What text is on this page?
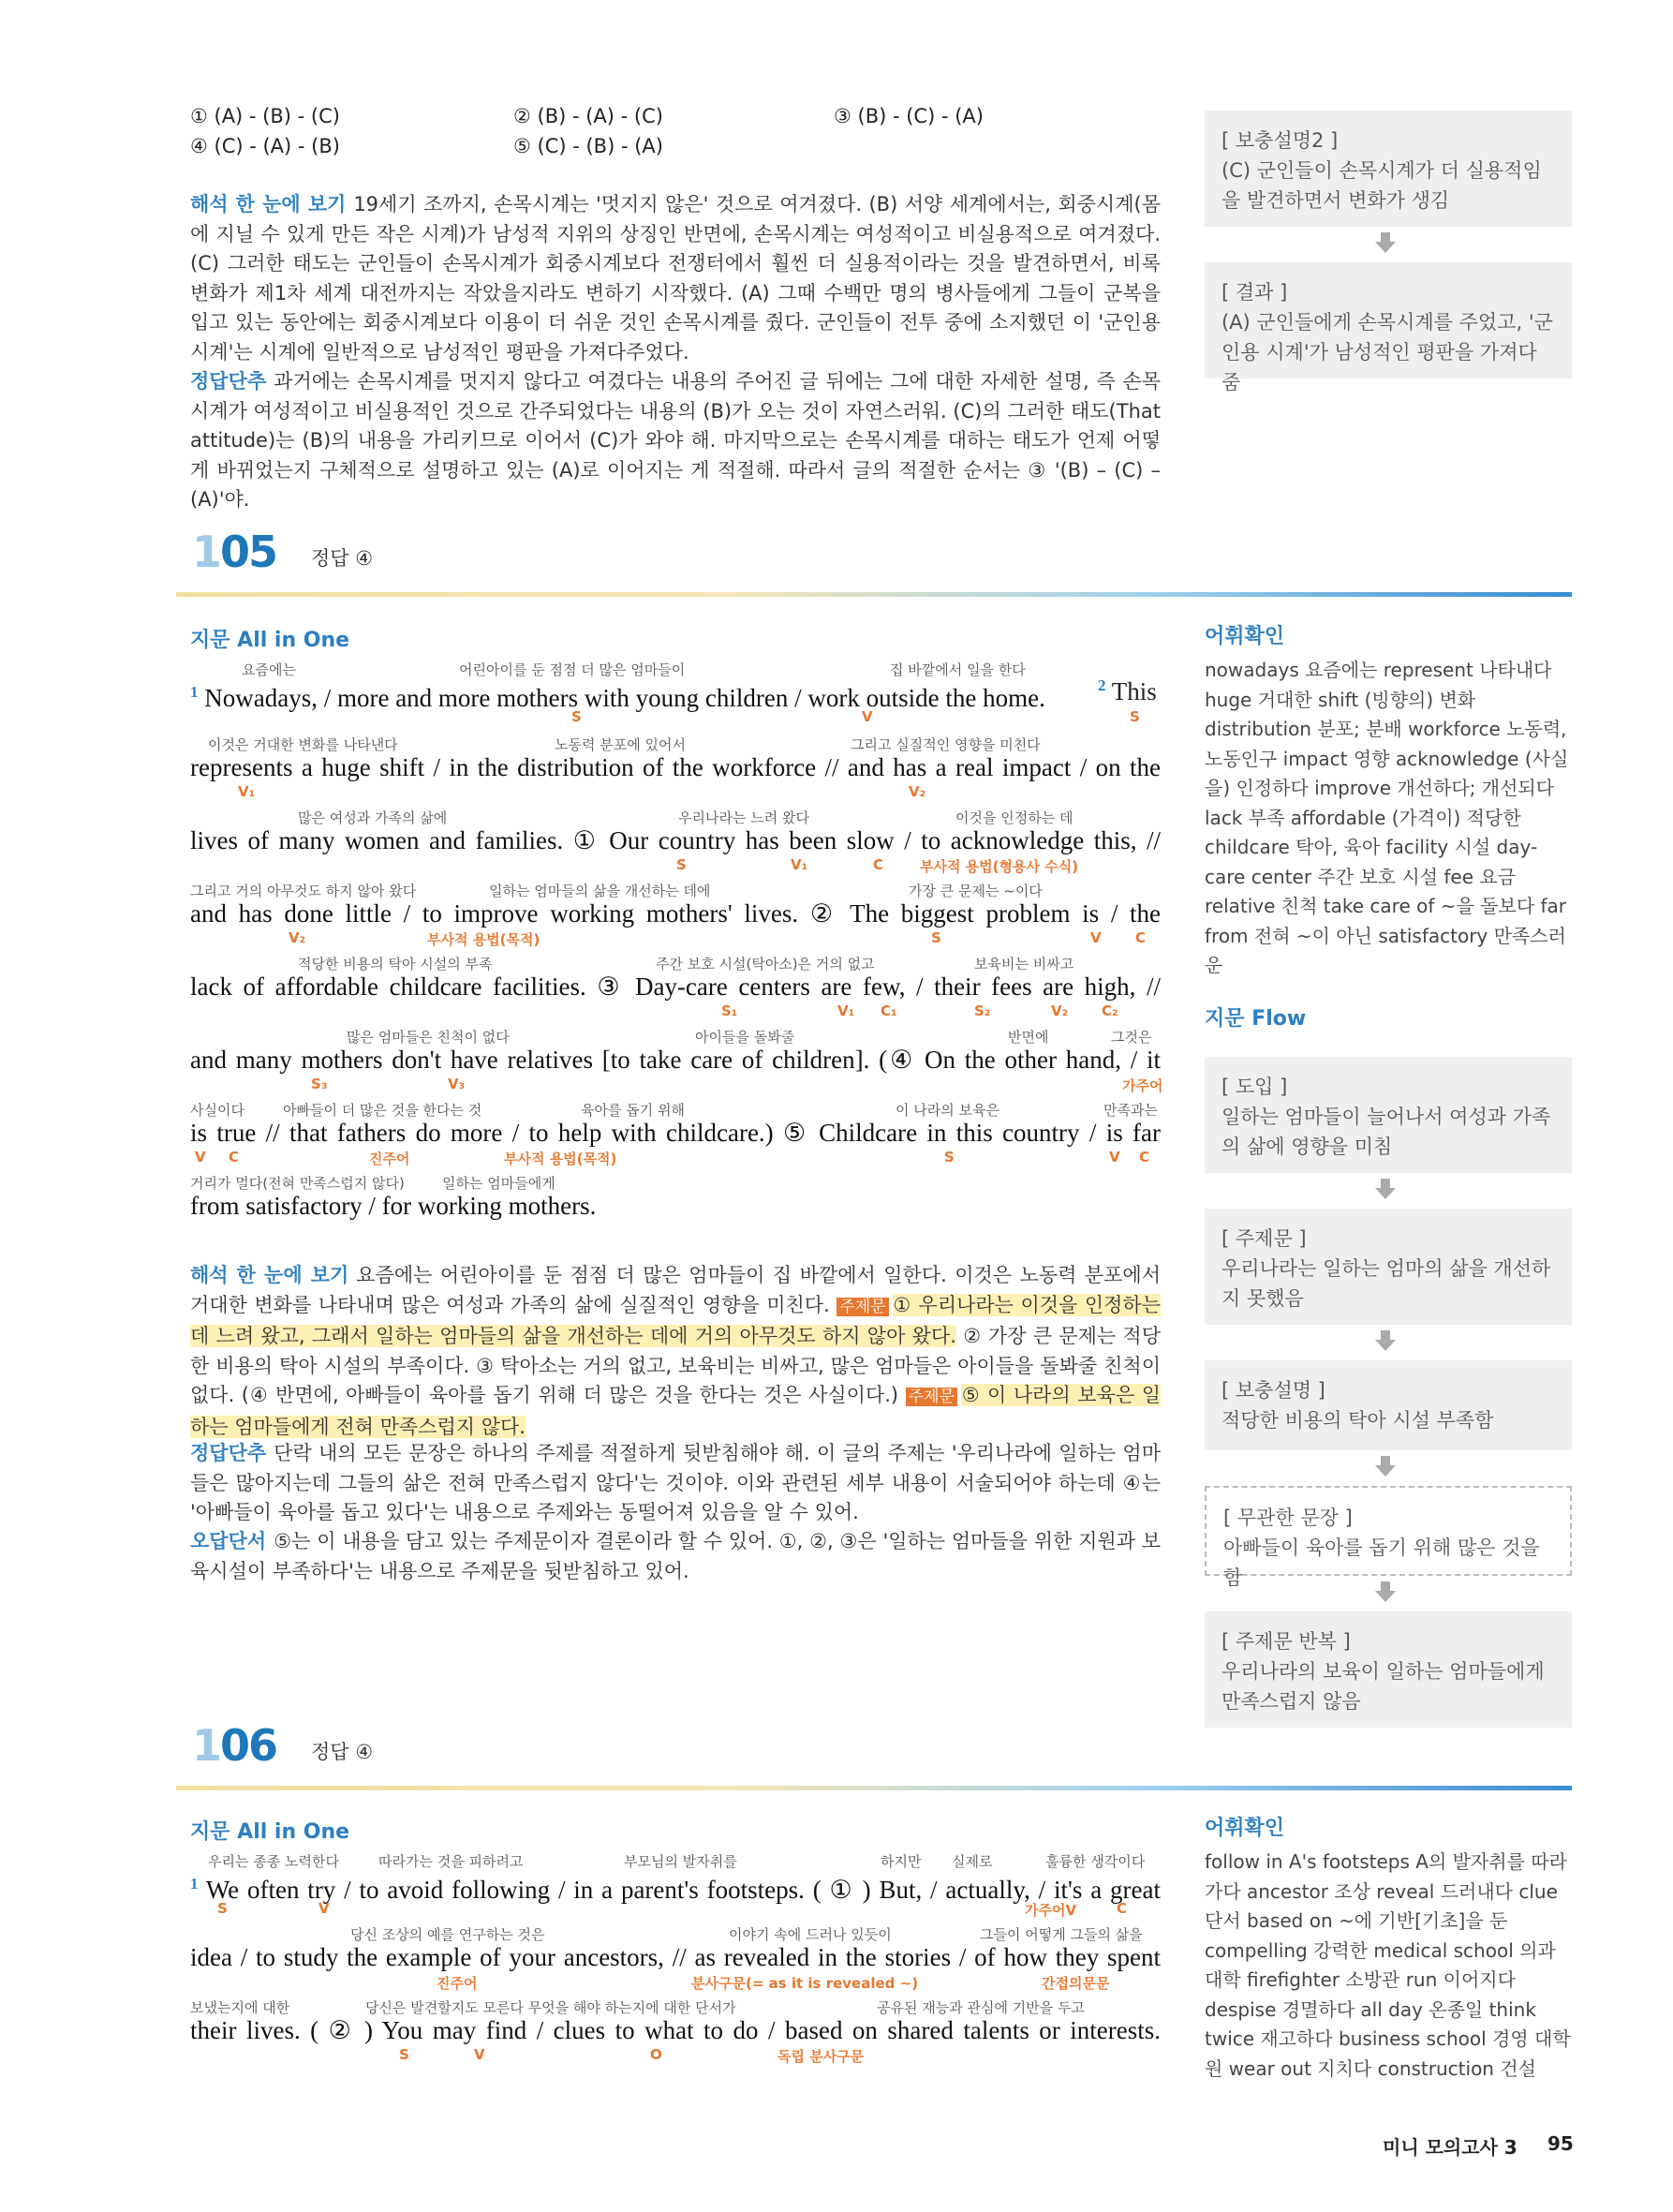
① (A) - (B) - (C)	② (B) - (A) - (C)	③ (B) - (C) - (A)
④ (C) - (A) - (B)	⑤ (C) - (B) - (A)
해석 한 눈에 보기 19세기 조까지, 손목시계는 '멋지지 않은' 것으로 여겨졌다. (B) 서양 세계에서는, 회중시계(몸에 지닐 수 있게 만든 작은 시계)가 남성적 지위의 상징인 반면에, 손목시계는 여성적이고 비실용적으로 여겨졌다. (C) 그러한 태도는 군인들이 손목시계가 회중시계보다 전쟁터에서 훨씬 더 실용적이라는 것을 발견하면서, 비록 변화가 제1차 세계 대전까지는 작았을지라도 변하기 시작했다. (A) 그때 수백만 명의 병사들에게 그들이 군복을 입고 있는 동안에는 회중시계보다 이용이 더 쉬운 것인 손목시계를 줬다. 군인들이 전투 중에 소지했던 이 '군인용 시계'는 시계에 일반적으로 남성적인 평판을 가져다주었다.
정답단추 과거에는 손목시계를 멋지지 않다고 여겼다는 내용의 주어진 글 뒤에는 그에 대한 자세한 설명, 즉 손목시계가 여성적이고 비실용적인 것으로 간주되었다는 내용의 (B)가 오는 것이 자연스러워. (C)의 그러한 태도(That attitude)는 (B)의 내용을 가리키므로 이어서 (C)가 와야 해. 마지막으로는 손목시계를 대하는 태도가 언제 어떻게 바뀌었는지 구체적으로 설명하고 있는 (A)로 이어지는 게 적절해. 따라서 글의 적절한 순서는 ③ '(B) – (C) – (A)'야.
[ 보충설명2 ]
(C) 군인들이 손목시계가 더 실용적임을 발견하면서 변화가 생김
[ 결과 ]
(A) 군인들에게 손목시계를 주었고, '군인용 시계'가 남성적인 평판을 가져다 줌
105 정답 ④
지문 All in One	어휘확인
$^1$ Nowadays, / more and more mothers with young children / work outside the home.	$^2$ This
represents a huge shift / in the distribution of the workforce // and has a real impact / on the
lives of many women and families. ① Our country has been slow / to acknowledge this, //
and has done little / to improve working mothers' lives. ② The biggest problem is / the
lack of affordable childcare facilities. ③ Day-care centers are few, / their fees are high, //
and many mothers don't have relatives [to take care of children]. (④ On the other hand, / it
is true // that fathers do more / to help with childcare.) ⑤ Childcare in this country / is far
from satisfactory / for working mothers.
요즘에는	어린아이를 둔 점점 더 많은 엄마들이	집 바깥에서 일을 한다
이것은 거대한 변화를 나타낸다	노동력 분포에 있어서	그리고 실질적인 영향을 미친다
많은 여성과 가족의 삶에	우리나라는 느려 왔다	이것을 인정하는 데
그리고 거의 아무것도 하지 않아 왔다	일하는 엄마들의 삶을 개선하는 데에	가장 큰 문제는 ~이다
적당한 비용의 탁아 시설의 부족	주간 보호 시설(탁아소)은 거의 없고	보육비는 비싸고
많은 엄마들은 친척이 없다	아이들을 돌봐줄	반면에	그것은
사실이다	아빠들이 더 많은 것을 한다는 것	육아를 돕기 위해	이 나라의 보육은	만족과는
거리가 멀다(전혀 만족스럽지 않다)	일하는 엄마들에게
S	V	S
V₁	V₂
S	V₁	C	부사적 용법(형용사 수식)
V₂	부사적 용법(목적)	S	V C
S₁	V₁ C₁	S₂	V₂ C₂
S₃	V₃	가주어
V C	진주어	부사적 용법(목적)	S	V C
nowadays 요즘에는 represent 나타내다 huge 거대한 shift (빙향의) 변화 distribution 분포; 분배 workforce 노동력, 노동인구 impact 영향 acknowledge (사실을) 인정하다 improve 개선하다; 개선되다 lack 부족 affordable (가격이) 적당한 childcare 탁아, 육아 facility 시설 day-care center 주간 보호 시설 fee 요금 relative 친척 take care of ~을 돌보다 far from 전혀 ~이 아닌 satisfactory 만족스러운
지문 Flow
[ 도입 ]
일하는 엄마들이 늘어나서 여성과 가족의 삶에 영향을 미침
[ 주제문 ]
우리나라는 일하는 엄마의 삶을 개선하지 못했음
[ 보충설명 ]
적당한 비용의 탁아 시설 부족함
[ 무관한 문장 ]
아빠들이 육아를 돕기 위해 많은 것을 함
[ 주제문 반복 ]
우리나라의 보육이 일하는 엄마들에게 만족스럽지 않음
해석 한 눈에 보기 요즘에는 어린아이를 둔 점점 더 많은 엄마들이 집 바깥에서 일한다. 이것은 노동력 분포에서 거대한 변화를 나타내며 많은 여성과 가족의 삶에 실질적인 영향을 미친다. 주제문 ① 우리나라는 이것을 인정하는 데 느려 왔고, 그래서 일하는 엄마들의 삶을 개선하는 데에 거의 아무것도 하지 않아 왔다. ② 가장 큰 문제는 적당한 비용의 탁아 시설의 부족이다. ③ 탁아소는 거의 없고, 보육비는 비싸고, 많은 엄마들은 아이들을 돌봐줄 친척이 없다. (④ 반면에, 아빠들이 육아를 돕기 위해 더 많은 것을 한다는 것은 사실이다.) 주제문 ⑤ 이 나라의 보육은 일하는 엄마들에게 전혀 만족스럽지 않다.
정답단추 단락 내의 모든 문장은 하나의 주제를 적절하게 뒷받침해야 해. 이 글의 주제는 '우리나라에 일하는 엄마들은 많아지는데 그들의 삶은 전혀 만족스럽지 않다'는 것이야. 이와 관련된 세부 내용이 서술되어야 하는데 ④는 '아빠들이 육아를 돕고 있다'는 내용으로 주제와는 동떨어져 있음을 알 수 있어.
오답단서 ⑤는 이 내용을 담고 있는 주제문이자 결론이라 할 수 있어. ①, ②, ③은 '일하는 엄마들을 위한 지원과 보육시설이 부족하다'는 내용으로 주제문을 뒷받침하고 있어.
106 정답 ④
지문 All in One	어휘확인
$^1$ We often try / to avoid following / in a parent's footsteps. ( ① ) But, / actually, / it's a great
idea / to study the example of your ancestors, // as revealed in the stories / of how they spent
their lives. ( ② ) You may find / clues to what to do / based on shared talents or interests.
우리는 종종 노력한다	따라가는 것을 피하려고	부모님의 발자취를	하지만 실제로	훌륭한 생각이다
당신 조상의 예를 연구하는 것은	이야기 속에 드러나 있듯이	그들이 어떻게 그들의 삶을
보냈는지에 대한	당신은 발견할지도 모른다 무엇을 해야 하는지에 대한 단서가	공유된 재능과 관심에 기반을 두고
S	V	가주어V	C
진주어	분사구문(= as it is revealed ~)	간접의문문
S	V	O	독립 분사구문
follow in A's footsteps A의 발자취를 따라가다 ancestor 조상 reveal 드러내다 clue 단서 based on ~에 기반[기초]을 둔 compelling 강력한 medical school 의과대학 firefighter 소방관 run 이어지다 despise 경멸하다 all day 온종일 think twice 재고하다 business school 경영 대학원 wear out 지치다 construction 건설
미니 모의고사 3 95
